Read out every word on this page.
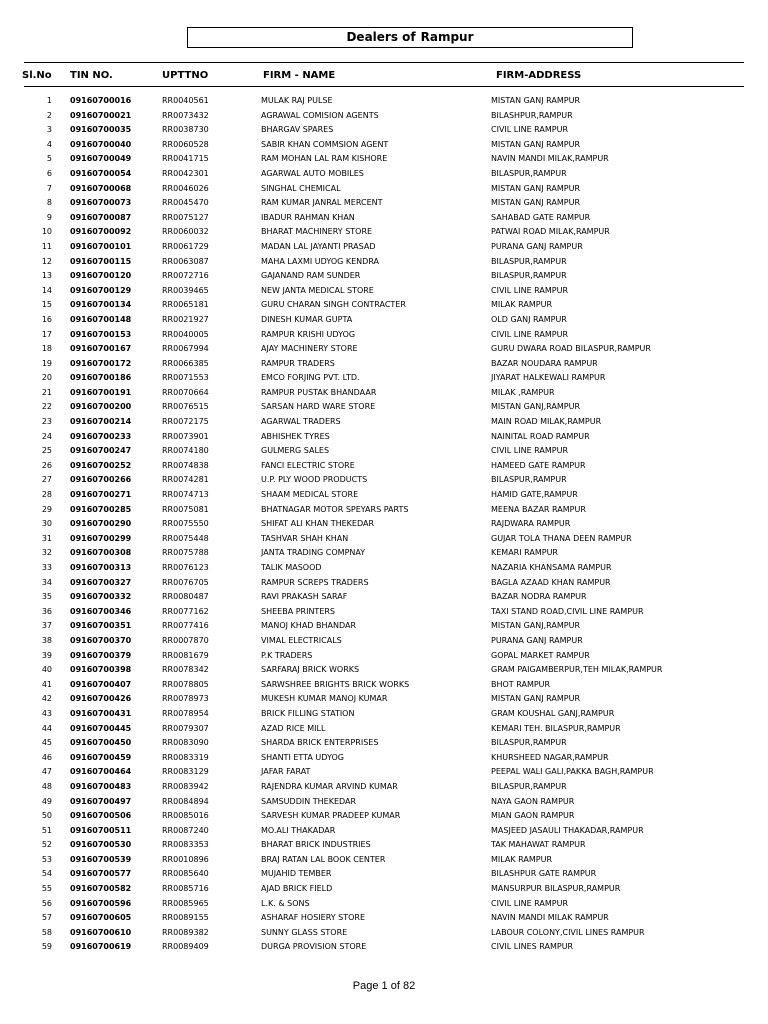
Dealers of Rampur
Sl.No TIN NO.	UPTTNO	FIRM - NAME	FIRM-ADDRESS
1 09160700016	RR0040561	MULAK RAJ PULSE	MISTAN GANJ RAMPUR
2 09160700021	RR0073432	AGRAWAL COMISION AGENTS	BILASHPUR,RAMPUR
3 09160700035	RR0038730	BHARGAV SPARES	CIVIL LINE RAMPUR
4 09160700040	RR0060528	SABIR KHAN COMMSION AGENT	MISTAN GANJ RAMPUR
5 09160700049	RR0041715	RAM MOHAN LAL RAM KISHORE	NAVIN MANDI MILAK,RAMPUR
6 09160700054	RR0042301	AGARWAL AUTO MOBILES	BILASPUR,RAMPUR
7 09160700068	RR0046026	SINGHAL CHEMICAL	MISTAN GANJ RAMPUR
8 09160700073	RR0045470	RAM KUMAR JANRAL MERCENT	MISTAN GANJ RAMPUR
9 09160700087	RR0075127	IBADUR RAHMAN KHAN	SAHABAD GATE RAMPUR
10 09160700092	RR0060032	BHARAT MACHINERY STORE	PATWAI ROAD MILAK,RAMPUR
11 09160700101	RR0061729	MADAN LAL JAYANTI PRASAD	PURANA GANJ RAMPUR
12 09160700115	RR0063087	MAHA LAXMI UDYOG KENDRA	BILASPUR,RAMPUR
13 09160700120	RR0072716	GAJANAND RAM SUNDER	BILASPUR,RAMPUR
14 09160700129	RR0039465	NEW JANTA MEDICAL STORE	CIVIL LINE RAMPUR
15 09160700134	RR0065181	GURU CHARAN SINGH CONTRACTER	MILAK RAMPUR
16 09160700148	RR0021927	DINESH KUMAR GUPTA	OLD GANJ RAMPUR
17 09160700153	RR0040005	RAMPUR KRISHI UDYOG	CIVIL LINE RAMPUR
18 09160700167	RR0067994	AJAY MACHINERY STORE	GURU DWARA ROAD BILASPUR,RAMPUR
19 09160700172	RR0066385	RAMPUR TRADERS	BAZAR NOUDARA RAMPUR
20 09160700186	RR0071553	EMCO FORJING PVT. LTD.	JIYARAT HALKEWALI RAMPUR
21 09160700191	RR0070664	RAMPUR PUSTAK BHANDAAR	MILAK ,RAMPUR
22 09160700200	RR0076515	SARSAN HARD WARE STORE	MISTAN GANJ,RAMPUR
23 09160700214	RR0072175	AGARWAL TRADERS	MAIN ROAD MILAK,RAMPUR
24 09160700233	RR0073901	ABHISHEK TYRES	NAINITAL ROAD RAMPUR
25 09160700247	RR0074180	GULMERG SALES	CIVIL LINE RAMPUR
26 09160700252	RR0074838	FANCI ELECTRIC STORE	HAMEED GATE RAMPUR
27 09160700266	RR0074281	U.P. PLY WOOD PRODUCTS	BILASPUR,RAMPUR
28 09160700271	RR0074713	SHAAM MEDICAL STORE	HAMID GATE,RAMPUR
29 09160700285	RR0075081	BHATNAGAR MOTOR SPEYARS PARTS	MEENA BAZAR RAMPUR
30 09160700290	RR0075550	SHIFAT ALI KHAN THEKEDAR	RAJDWARA RAMPUR
31 09160700299	RR0075448	TASHVAR SHAH KHAN	GUJAR TOLA THANA DEEN RAMPUR
32 09160700308	RR0075788	JANTA TRADING COMPNAY	KEMARI RAMPUR
33 09160700313	RR0076123	TALIK MASOOD	NAZARIA KHANSAMA RAMPUR
34 09160700327	RR0076705	RAMPUR SCREPS TRADERS	BAGLA AZAAD KHAN RAMPUR
35 09160700332	RR0080487	RAVI PRAKASH SARAF	BAZAR NODRA RAMPUR
36 09160700346	RR0077162	SHEEBA PRINTERS	TAXI STAND ROAD,CIVIL LINE RAMPUR
37 09160700351	RR0077416	MANOJ KHAD BHANDAR	MISTAN GANJ,RAMPUR
38 09160700370	RR0007870	VIMAL ELECTRICALS	PURANA GANJ RAMPUR
39 09160700379	RR0081679	P.K TRADERS	GOPAL MARKET RAMPUR
40 09160700398	RR0078342	SARFARAJ BRICK WORKS	GRAM PAIGAMBERPUR,TEH MILAK,RAMPUR
41 09160700407	RR0078805	SARWSHREE BRIGHTS BRICK WORKS	BHOT RAMPUR
42 09160700426	RR0078973	MUKESH KUMAR MANOJ KUMAR	MISTAN GANJ RAMPUR
43 09160700431	RR0078954	BRICK FILLING STATION	GRAM KOUSHAL GANJ,RAMPUR
44 09160700445	RR0079307	AZAD RICE MILL	KEMARI TEH. BILASPUR,RAMPUR
45 09160700450	RR0083090	SHARDA BRICK ENTERPRISES	BILASPUR,RAMPUR
46 09160700459	RR0083319	SHANTI ETTA UDYOG	KHURSHEED NAGAR,RAMPUR
47 09160700464	RR0083129	JAFAR FARAT	PEEPAL WALI GALI,PAKKA BAGH,RAMPUR
48 09160700483	RR0083942	RAJENDRA KUMAR ARVIND KUMAR	BILASPUR,RAMPUR
49 09160700497	RR0084894	SAMSUDDIN THEKEDAR	NAYA GAON RAMPUR
50 09160700506	RR0085016	SARVESH KUMAR PRADEEP KUMAR	MIAN GAON RAMPUR
51 09160700511	RR0087240	MO.ALI THAKADAR	MASJEED JASAULI THAKADAR,RAMPUR
52 09160700530	RR0083353	BHARAT BRICK INDUSTRIES	TAK MAHAWAT RAMPUR
53 09160700539	RR0010896	BRAJ RATAN LAL BOOK CENTER	MILAK RAMPUR
54 09160700577	RR0085640	MUJAHID TEMBER	BILASHPUR GATE RAMPUR
55 09160700582	RR0085716	AJAD BRICK FIELD	MANSURPUR BILASPUR,RAMPUR
56 09160700596	RR0085965	L.K. & SONS	CIVIL LINE RAMPUR
57 09160700605	RR0089155	ASHARAF HOSIERY STORE	NAVIN MANDI MILAK RAMPUR
58 09160700610	RR0089382	SUNNY GLASS STORE	LABOUR COLONY,CIVIL LINES RAMPUR
59 09160700619	RR0089409	DURGA PROVISION STORE	CIVIL LINES RAMPUR
Page 1 of 82
